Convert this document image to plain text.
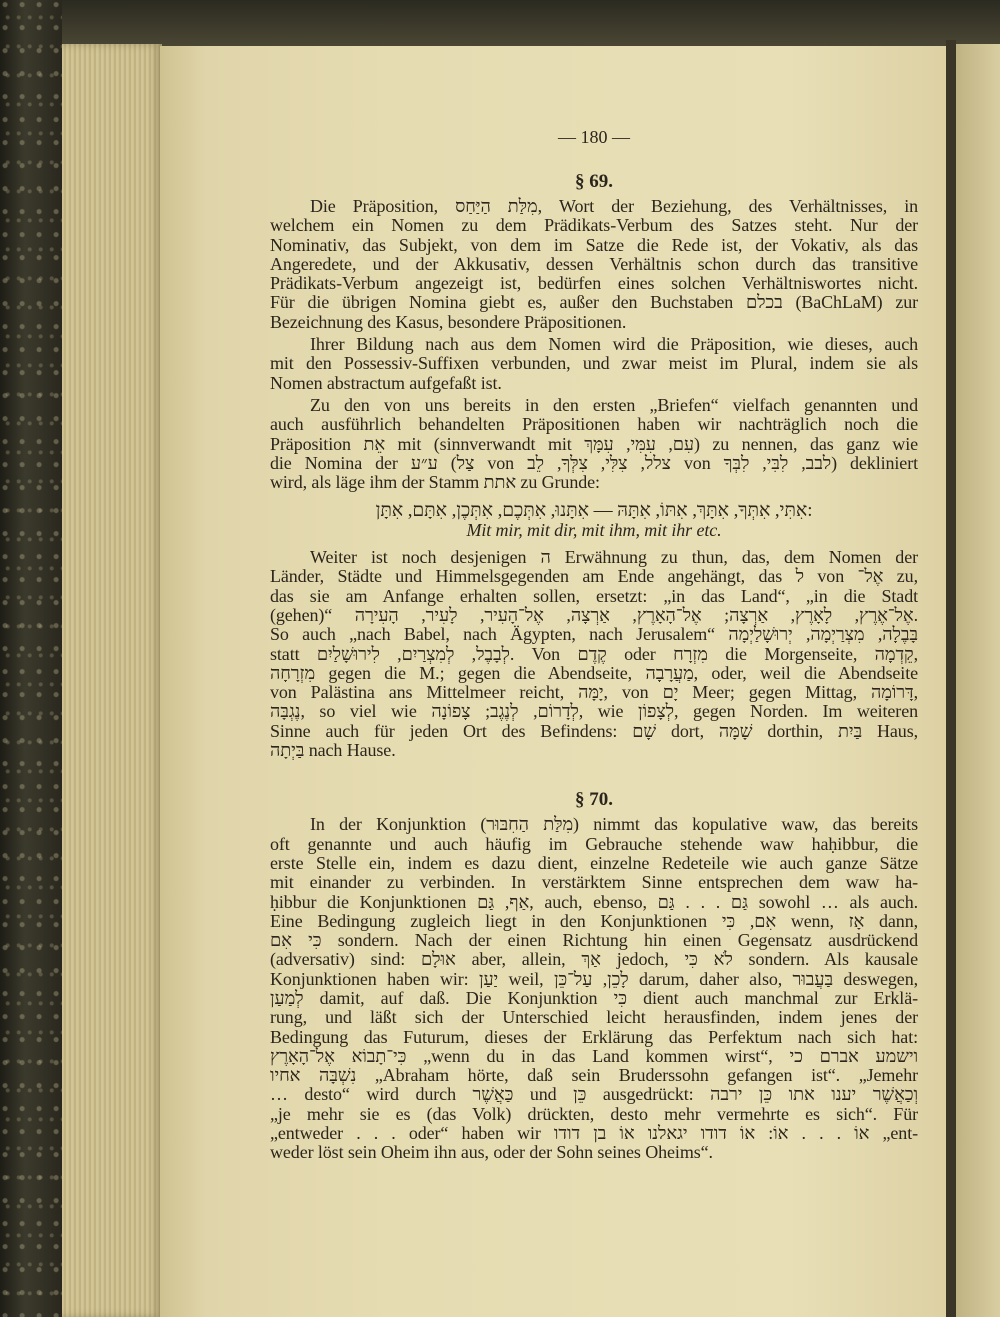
— 180 —
§ 69.
Die Präposition, מִלַּת הַיַּחַס, Wort der Beziehung, des Verhältnisses, in
welchem ein Nomen zu dem Prädikats-Verbum des Satzes steht. Nur der
Nominativ, das Subjekt, von dem im Satze die Rede ist, der Vokativ, als das
Angeredete, und der Akkusativ, dessen Verhältnis schon durch das transitive
Prädikats-Verbum angezeigt ist, bedürfen eines solchen Verhältniswortes nicht.
Für die übrigen Nomina giebt es, außer den Buchstaben בכלם (BaChLaM) zur
Bezeichnung des Kasus, besondere Präpositionen.
Ihrer Bildung nach aus dem Nomen wird die Präposition, wie dieses, auch
mit den Possessiv-Suffixen verbunden, und zwar meist im Plural, indem sie als
Nomen abstractum aufgefaßt ist.
Zu den von uns bereits in den ersten „Briefen“ vielfach genannten und
auch ausführlich behandelten Präpositionen haben wir nachträglich noch die
Präposition אֵת mit (sinnverwandt mit עִם, עִמִּי, עִמָּךְ) zu nennen, das ganz wie
die Nomina der ע״ע (צַל von צלל, צִלִּי, צִלְּךָ, לֵב von לבב, לִבִּי, לִבְּךָ) dekliniert
wird, als läge ihm der Stamm אתת zu Grunde:
אִתִּי, אִתְּךָ, אִתָּךְ, אִתּוֹ, אִתָּהּ — אִתָּנוּ, אִתְּכֶם, אִתְּכֶן, אִתָּם, אִתָּן:
Mit mir, mit dir, mit ihm, mit ihr etc.
Weiter ist noch desjenigen ה Erwähnung zu thun, das, dem Nomen der
Länder, Städte und Himmelsgegenden am Ende angehängt, das ל von אֶל־ zu,
das sie am Anfange erhalten sollen, ersetzt: „in das Land“, „in die Stadt
(gehen)“ אֶל־אֶרֶץ, לָאָרֶץ, אַרְצָה; אֶל־הָאָרֶץ, אַרְצָה, אֶל־הָעִיר, לָעִיר, הָעִירָה.
So auch „nach Babel, nach Ägypten, nach Jerusalem“ בָּבֶלָה, מִצְרַיְמָה, יְרוּשָׁלַיְמָה
statt לְבָבֶל, לְמִצְרַיִם, לִירוּשָׁלַיִם. Von קֶדֶם oder מִזְרָח die Morgenseite, קֵדְמָה,
מִזְרָחָה gegen die M.; gegen die Abendseite, מַעֲרָבָה, oder, weil die Abendseite
von Palästina ans Mittelmeer reicht, יָמָּה, von יָם Meer; gegen Mittag, דָּרוֹמָה,
נֶגְבָּה, so viel wie לְדָרוֹם, לְנֶגֶב; צָפוֹנָה, wie לְצָפוֹן, gegen Norden. Im weiteren
Sinne auch für jeden Ort des Befindens: שָׁם dort, שָׁמָּה dorthin, בַּיִת Haus,
בַּיְתָה nach Hause.
§ 70.
In der Konjunktion (מִלַּת הַחִבּוּר) nimmt das kopulative waw, das bereits
oft genannte und auch häufig im Gebrauche stehende waw haḥibbur, die
erste Stelle ein, indem es dazu dient, einzelne Redeteile wie auch ganze Sätze
mit einander zu verbinden. In verstärktem Sinne entsprechen dem waw ha-
ḥibbur die Konjunktionen אַף, גַּם, auch, ebenso, גַּם . . . גַּם sowohl … als auch.
Eine Bedingung zugleich liegt in den Konjunktionen אִם, כִּי wenn, אָז dann,
כִּי אִם sondern. Nach der einen Richtung hin einen Gegensatz ausdrückend
(adversativ) sind: אוּלָם aber, allein, אַךְ jedoch, לֹא כִּי sondern. Als kausale
Konjunktionen haben wir: יַעַן weil, לָכֵן, עַל־כֵּן darum, daher also, בַּעֲבוּר deswegen,
לְמַעַן damit, auf daß. Die Konjunktion כִּי dient auch manchmal zur Erklä-
rung, und läßt sich der Unterschied leicht herausfinden, indem jenes der
Bedingung das Futurum, dieses der Erklärung das Perfektum nach sich hat:
כִּי־תָבוֹא אֶל־הָאָרֶץ „wenn du in das Land kommen wirst“, וישמע אברם כי
נִשְׁבָּה אחיו „Abraham hörte, daß sein Bruderssohn gefangen ist“. „Jemehr
… desto“ wird durch כַּאֲשֶׁר und כֵּן ausgedrückt: וְכַאֲשֶׁר יענו אתו כֵּן ירבה
„je mehr sie es (das Volk) drückten, desto mehr vermehrte es sich“. Für
„entweder . . . oder“ haben wir אוֹ . . . אוֹ: אוֹ דודו יגאלנו אוֹ בן דודו „ent-
weder löst sein Oheim ihn aus, oder der Sohn seines Oheims“.
